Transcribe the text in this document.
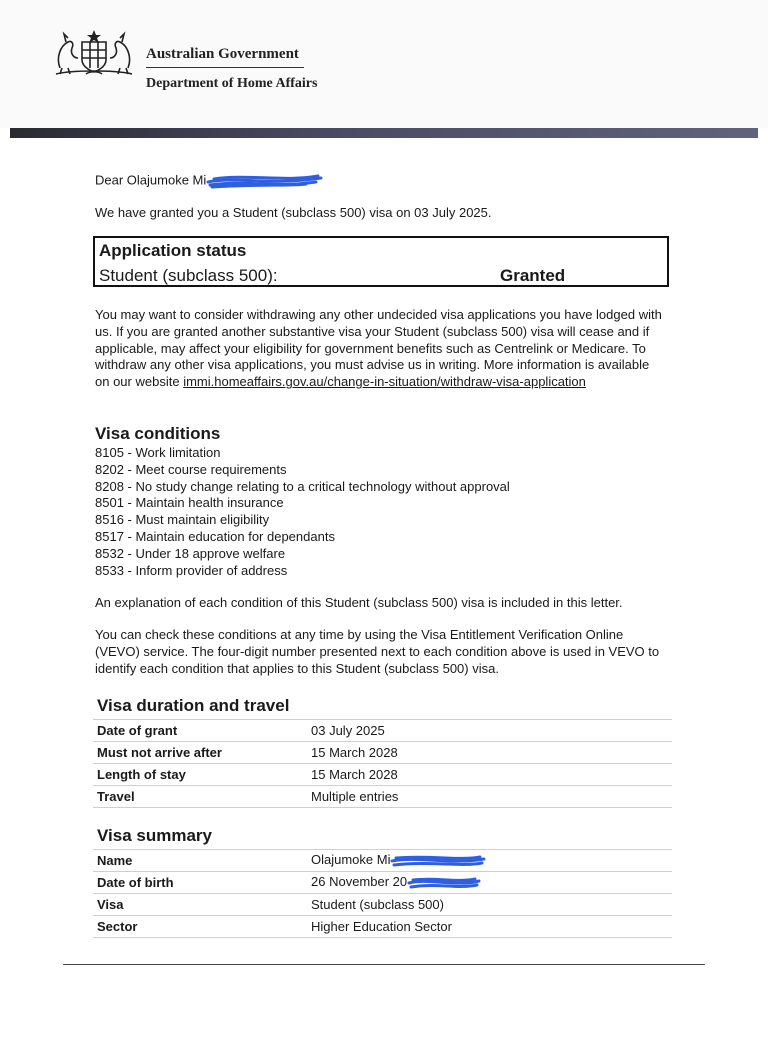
Australian Government
Department of Home Affairs
Dear Olajumoke Mi
We have granted you a Student (subclass 500) visa on 03 July 2025.
Application status
Student (subclass 500):	Granted
You may want to consider withdrawing any other undecided visa applications you have lodged with us. If you are granted another substantive visa your Student (subclass 500) visa will cease and if applicable, may affect your eligibility for government benefits such as Centrelink or Medicare. To withdraw any other visa applications, you must advise us in writing. More information is available on our website immi.homeaffairs.gov.au/change-in-situation/withdraw-visa-application
Visa conditions
8105 - Work limitation
8202 - Meet course requirements
8208 - No study change relating to a critical technology without approval
8501 - Maintain health insurance
8516 - Must maintain eligibility
8517 - Maintain education for dependants
8532 - Under 18 approve welfare
8533 - Inform provider of address
An explanation of each condition of this Student (subclass 500) visa is included in this letter.
You can check these conditions at any time by using the Visa Entitlement Verification Online (VEVO) service. The four-digit number presented next to each condition above is used in VEVO to identify each condition that applies to this Student (subclass 500) visa.
Visa duration and travel
Date of grant	03 July 2025
Must not arrive after	15 March 2028
Length of stay	15 March 2028
Travel	Multiple entries
Visa summary
Name	Olajumoke Mi
Date of birth	26 November 20
Visa	Student (subclass 500)
Sector	Higher Education Sector
